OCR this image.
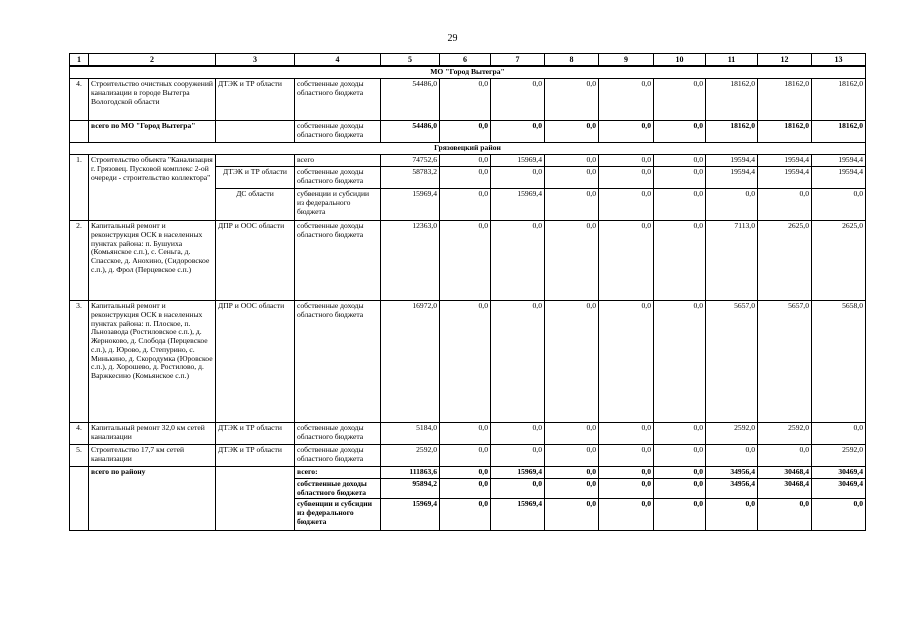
29
1	2	3	4	5	6	7	8	9	10	11	12	13
МО "Город Вытегра"												
4.	Строительство очистных сооружений канализации в городе Вытегра Вологодской области	ДТЭК и ТР области	собственные доходы областного бюджета	54486,0	0,0	0,0	0,0	0,0	0,0	18162,0	18162,0	18162,0
	всего по МО "Город Вытегра"		собственные доходы областного бюджета	54486,0	0,0	0,0	0,0	0,0	0,0	18162,0	18162,0	18162,0
Грязовецкий район												
1.	Строительство объекта "Канализация г. Грязовец. Пусковой комплекс 2-ой очереди - строительство коллектора"		всего	74752,6	0,0	15969,4	0,0	0,0	0,0	19594,4	19594,4	19594,4
		ДТЭК и ТР области	собственные доходы областного бюджета	58783,2	0,0	0,0	0,0	0,0	0,0	19594,4	19594,4	19594,4
		ДС области	субвенции и субсидии из федерального бюджета	15969,4	0,0	15969,4	0,0	0,0	0,0	0,0	0,0	0,0
2.	Капитальный ремонт и реконструкция ОСК в населенных пунктах района: п. Бушуиха (Комьянское с.п.), с. Сеньга, д. Спасское, д. Анохино, (Сидоровское с.п.), д. Фрол (Перцевское с.п.)	ДПР и ООС области	собственные доходы областного бюджета	12363,0	0,0	0,0	0,0	0,0	0,0	7113,0	2625,0	2625,0
3.	Капитальный ремонт и реконструкция ОСК в населенных пунктах района: п. Плоское, п. Льнозавода (Ростиловское с.п.), д. Жерноково, д. Слобода (Перцевское с.п.), д. Юрово, д. Степурино, с. Минькино, д. Скородумка (Юровское с.п.), д. Хорошево, д. Ростилово, д. Варжкесино (Комьянское с.п.)	ДПР и ООС области	собственные доходы областного бюджета	16972,0	0,0	0,0	0,0	0,0	0,0	5657,0	5657,0	5658,0
4.	Капитальный ремонт 32,0 км сетей канализации	ДТЭК и ТР области	собственные доходы областного бюджета	5184,0	0,0	0,0	0,0	0,0	0,0	2592,0	2592,0	0,0
5.	Строительство 17,7 км сетей канализации	ДТЭК и ТР области	собственные доходы областного бюджета	2592,0	0,0	0,0	0,0	0,0	0,0	0,0	0,0	2592,0
	всего по району		всего:	111863,6	0,0	15969,4	0,0	0,0	0,0	34956,4	30468,4	30469,4
			собственные доходы областного бюджета	95894,2	0,0	0,0	0,0	0,0	0,0	34956,4	30468,4	30469,4
			субвенции и субсидии из федерального бюджета	15969,4	0,0	15969,4	0,0	0,0	0,0	0,0	0,0	0,0
